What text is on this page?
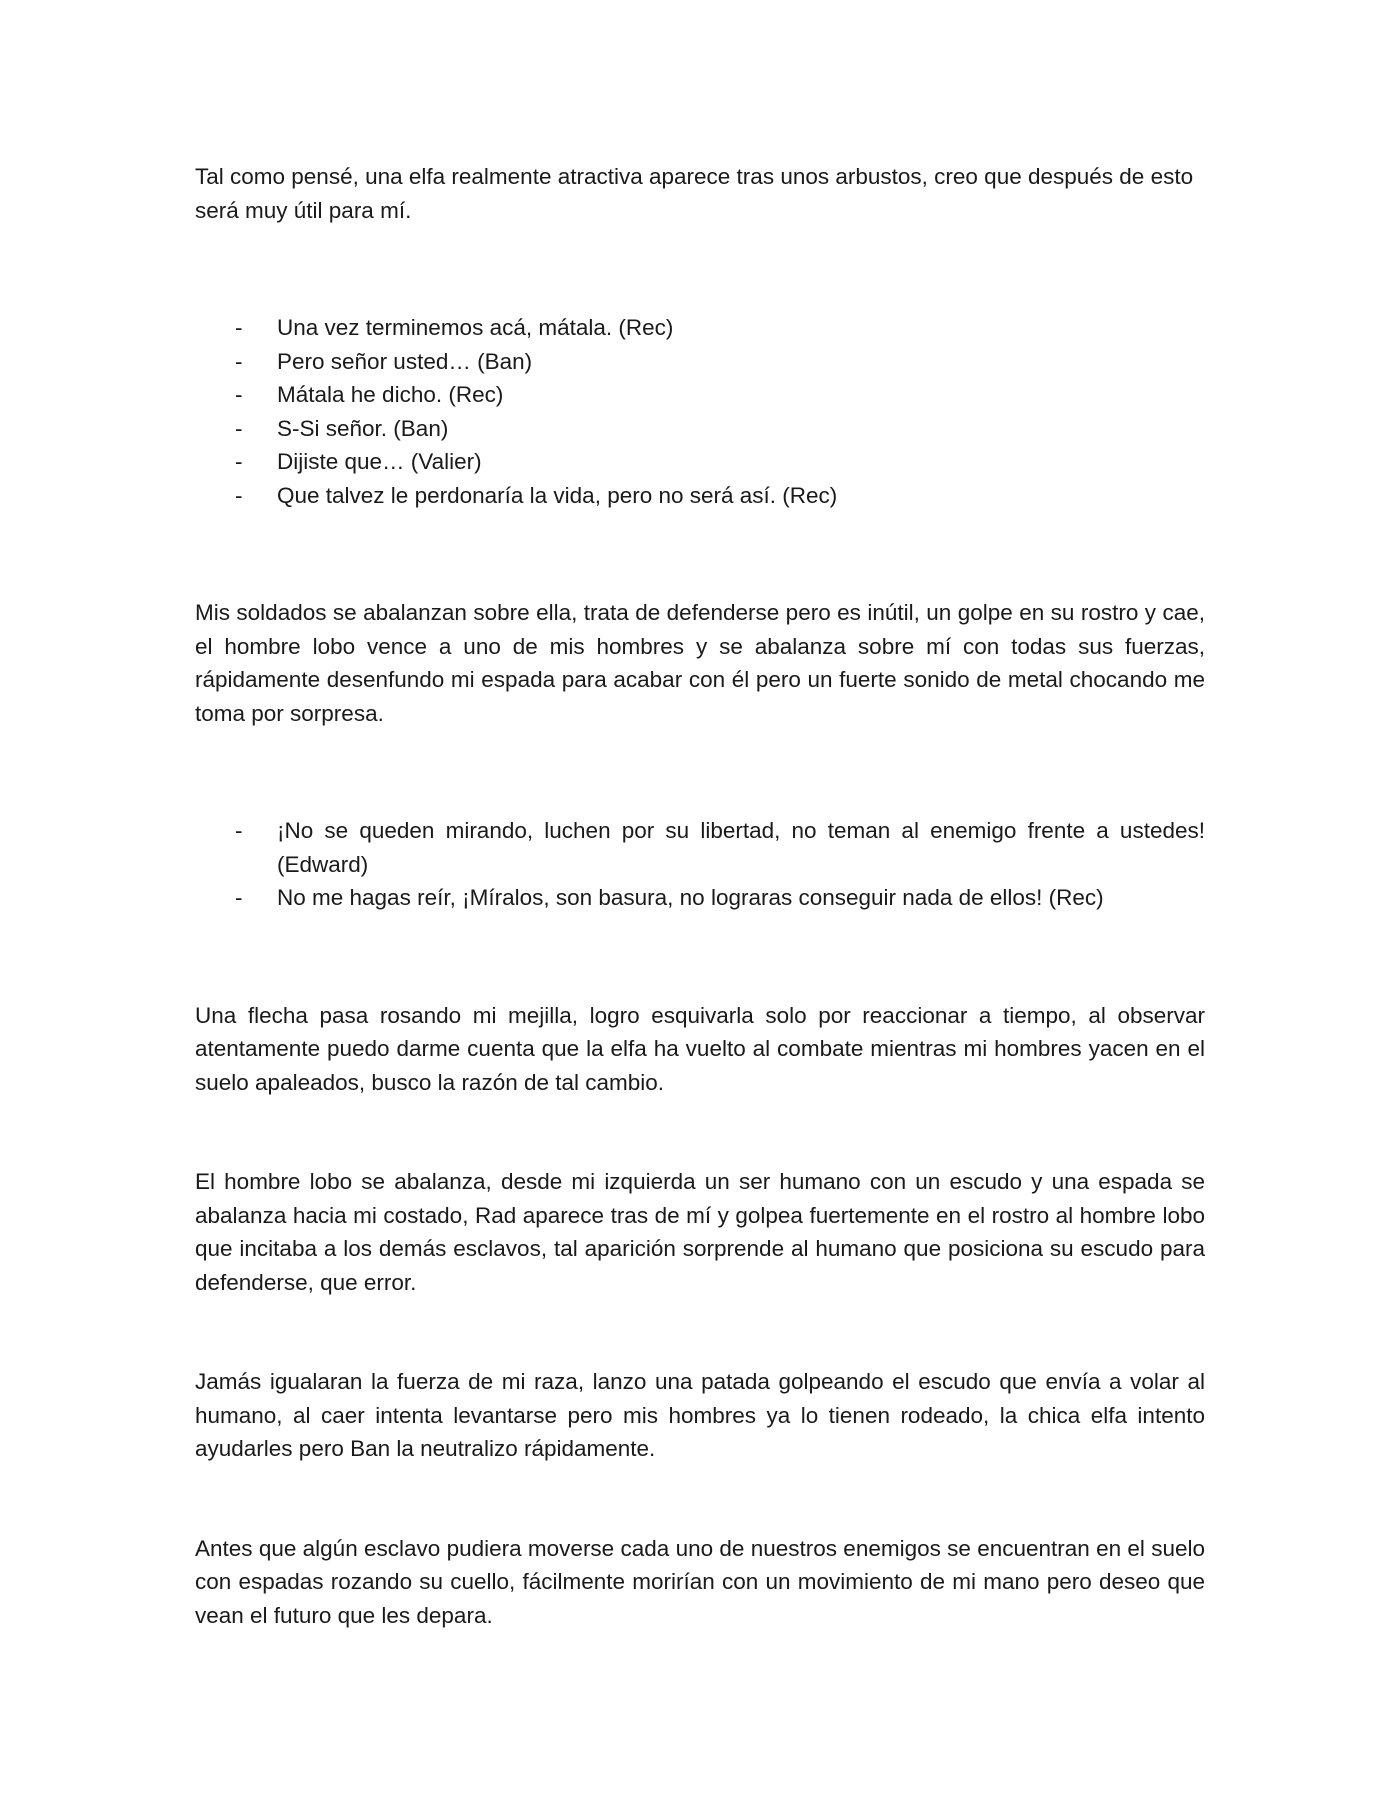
Tal como pensé, una elfa realmente atractiva aparece tras unos arbustos, creo que después de esto será muy útil para mí.

- Una vez terminemos acá, mátala. (Rec)
- Pero señor usted… (Ban)
- Mátala he dicho. (Rec)
- S-Si señor. (Ban)
- Dijiste que… (Valier)
- Que talvez le perdonaría la vida, pero no será así. (Rec)

Mis soldados se abalanzan sobre ella, trata de defenderse pero es inútil, un golpe en su rostro y cae, el hombre lobo vence a uno de mis hombres y se abalanza sobre mí con todas sus fuerzas, rápidamente desenfundo mi espada para acabar con él pero un fuerte sonido de metal chocando me toma por sorpresa.

- ¡No se queden mirando, luchen por su libertad, no teman al enemigo frente a ustedes! (Edward)
- No me hagas reír, ¡Míralos, son basura, no lograras conseguir nada de ellos! (Rec)

Una flecha pasa rosando mi mejilla, logro esquivarla solo por reaccionar a tiempo, al observar atentamente puedo darme cuenta que la elfa ha vuelto al combate mientras mi hombres yacen en el suelo apaleados, busco la razón de tal cambio.

El hombre lobo se abalanza, desde mi izquierda un ser humano con un escudo y una espada se abalanza hacia mi costado, Rad aparece tras de mí y golpea fuertemente en el rostro al hombre lobo que incitaba a los demás esclavos, tal aparición sorprende al humano que posiciona su escudo para defenderse, que error.

Jamás igualaran la fuerza de mi raza, lanzo una patada golpeando el escudo que envía a volar al humano, al caer intenta levantarse pero mis hombres ya lo tienen rodeado, la chica elfa intento ayudarles pero Ban la neutralizo rápidamente.

Antes que algún esclavo pudiera moverse cada uno de nuestros enemigos se encuentran en el suelo con espadas rozando su cuello, fácilmente morirían con un movimiento de mi mano pero deseo que vean el futuro que les depara.
